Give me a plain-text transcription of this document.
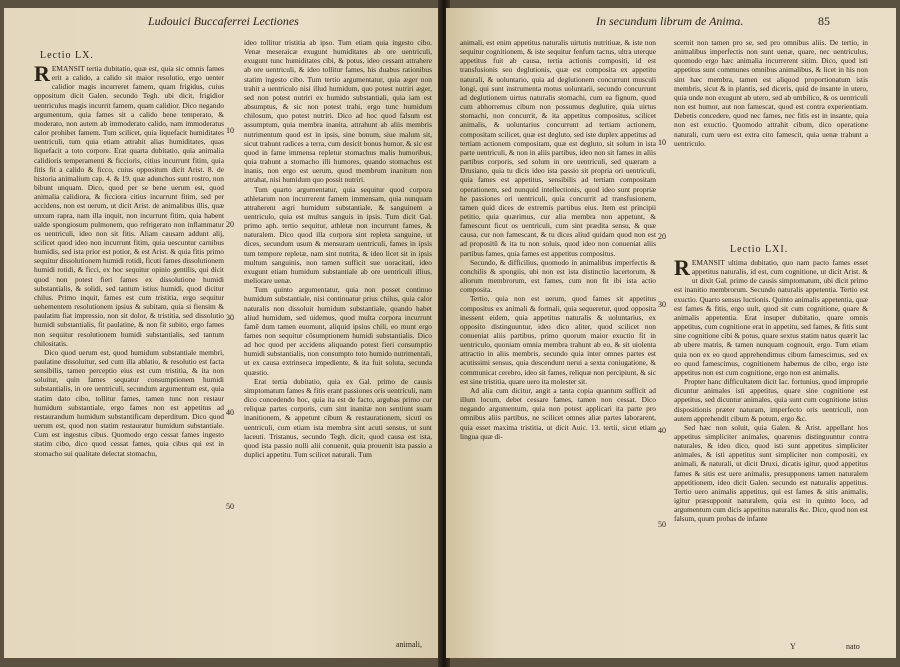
Ludouici Buccaferrei Lectiones
Lectio LX.
R EMANSIT tertia dubitatio, quæ est, quia sic omnis fames erit a calido, a calido sit maior resolutio, ergo uenter calidior magis incurreret famem, quam frigidus, cuius oppositum dicit Galen. secundo Tegh. ubi dicit, frigidior uentriculus magis incurrit famem, quam calidior. Dico negando argumentum, quia fames sit a calido bene temperato, & moderato, non autem ab immoderato calido, nam immoderatus calor prohibet famem. Tum scilicet, quia liquefacit humiditates uentriculi, tum quia etiam attrahit alias humiditates, quas liquefacit a toto corpore. Erat quarta dubitatio, quia animalia calidioris temperamenti & ficcioris, citius incurrunt fitim, quia fitis fit a calido & ficco, cuius oppositum dicit Arist. 8. de historia animalium cap. 4. & 19. quæ adunchos sunt rostro, non bibunt unquam. Dico, quod per se bene uerum est, quod animalia calidiora, & ficciora citius incurrunt fitim, sed per accidens, non est uerum, ut dicit Arist. de animalibus illis, quæ unxum rapra, nam illa inquit, non incurrunt fitim, quia habent ualde spongiosum pulmonem, quo refrigerato non inflammatur os uentriculi, ideo non sit fitis. Aliam causam addunt alij, scilicet quod ideo non incurrunt fitim, quia uescuntur carnibus humidis, sed ista prior est potior, & est Arist. & quia fitis primo sequitur dissolutionem humidi rotidi, ficuti fames dissolutionem humidi rotidi, & ficci, ex hoc sequitur opinio gentilis, qui dicit quod non potest fieri fames ex dissolutione humidi substantialis, & solidi, sed tantum istius humidi, quod dicitur chilus. Primo inquit, fames est cum tristitia, ergo sequitur uehementem resolutionem ipsius & subitam, quia si fiensim & paulatim fiat impressio, non sit dolor, & tristitia, sed dissolutio humidi substantialis, fit paulatine, & non fit subito, ergo fames non sequitur resolutionem humidi substantialis, sed tantum chilositatis.

Dico quod uerum est, quod humidum substantiale membri, paulatine dissoluitur, sed cum illa ablatio, & resolutio est facta sensibilis, tamen perceptio eius est cum tristitia, & ita non soluitur, quin fames sequatur consumptionem humidi substantialis, in ore uentriculi, secundum argumentum est, quia statim dato cibo, tollitur fames, tamen tunc non restaur humidum substantiale, ergo fames non est appetitus ad restaurandum humidum substantificam deperditum. Dico quod uerum est, quod non statim restauratur humidum substantiale. Cum est ingestus cibus. Quomodo ergo cessat fames ingesto statim cibo, dico quod cessat fames, quia cibus qui est in stomacho sui qualitate delectat stomachu,

10
20
30
40
50

ideo tollitur tristitia ab ipso. Tum etiam quia ingesto cibo. Venæ meseraicæ exugunt humiditates ab ore uentriculi, exugunt tunc humiditates cibi, & potus, ideo cessant attrahere ab ore uentriculi, & ideo tollitur fames, his duabus rationibus statim ingesto cibo. Tum tertio argumentatur, quia æger non trahit a uentriculo nisi illud humidum, quo potest nutriri æger, sed non potest nutriri ex humido substantiali, quia iam est absumptus, & sic non potest trahi, ergo tunc humidum chilosum, quo potest nutriri. Dico ad hoc quod falsum est assumptum, quia membra inanita, attrahunt ab aliis membris nutrimentum quod est in ipsis, sine bonum, siue malum sit, sicut trahunt radices a terra, cum desicit bonus humor, & sic est quod in fame immensa repletur stomachus malis humoribus, quia trahunt a stomacho illi humores, quando stomachus est inanis, non ergo est uerum, quod membrum inanitum non attrahat, nisi humidum quo possit nutriri.

Tum quarto argumentatur, quia sequitur quod corpora athletarum non incurrerent famem immensam, quia nunquam attraherent ægri humidum substantiale, & sanguinem a uentriculo, quia est multus sanguis in ipsis. Tum dicit Gal. primo aph. tertio sequitur, athletæ non incurrunt fames, & naturalem. Dico quod illa corpora sint repleta sanguine, ut dices, secundum usum & mensuram uentriculi, fames in ipsis tum tempore repletæ, nam sint nutrita, & ideo licet sit in ipsis multum sanguinis, non tamen sufficit sue uoracitati, ideo exugunt etiam humidum substantiale ab ore uentriculi illius, meliorare uenæ.

Tum quinto argumentatur, quia non posset continuo humidum substantiale, nisi continuatur prius chilus, quia calor naturalis non dissoluit humidum substantiale, quando habet aliud humidum, sed uidemus, quod multa corpora incurrunt famē dum tamen euomunt, aliquid ipsius chili, eo munt ergo fames non sequitur cōsumptionem humidi substantialis. Dico ad hoc quod per accidens aliquando potest fieri consumptio humidi substantialis, non consumpto toto humido nutrimentali, ut ex causa extrinseca impediente, & ita fuit soluta, secunda quæstio.

Erat tertia dubitatio, quia ex Gal. primo de causis simptomatum fames & fitis erant passiones oris uentriculi, nam dico concedendo hoc, quia ita est de facto, argubas primo cur reliquæ partes corporis, cum sint inanitæ non sentiunt suam inanitionem, & appetunt cibum & restaurationem, sicuti os uentriculi, cum etiam ista membra sint acuti sensus, ut sunt laceuti. Tristanus, secundo Tegh. dicit, quod causa est ista, quod ista passio nulli alii conuenit, quia prouenit ista passio a duplici appetitu. Tum scilicet naturali. Tum

animali,
In secundum librum de Anima.	85

animali, est enim appetitus naturalis uirtutis nutritiuæ, & iste non sequitur cognitionem, & iste sequitur fenfum tactus, ultra uterque appetitus fuit ab causa, tertia actionis compositi, id est transfusionis seu deglutionis, quæ est composita ex appetitu naturali, & uoluntario, quia ad deglutionem concurrunt musculi longi, qui sunt instrumenta motus uoluntarii, secundo concurrunt ad deglutionem uirtus naturalis stomachi, cum ea fignum, quod cum abhorremus cibum non possumus deglutire, quia uirtus stomachi, non concurrit, & ita appetitus compositus, scilicet animalis, & uoluntarius concurrunt ad tertiam actionem, compositam scilicet, quæ est degluto, sed iste duplex appetitus ad tertiam actionem compositam, quæ est degluto, sit solum in ista parte uentriculi, & non in aliis partibus, ideo non sit fames in aliis partibus corporis, sed solum in ore uentriculi, sed quæram a Drusiano, quia tu dicis ideo ista passio sit propria ori uentriculi, quia fames est appetitus, sensibilis ad tertiam compositam operationem, sed nunquid intellectionis, quod ideo sunt propriæ he passiones ori uentriculi, quia concurrit ad transfusionem, tamen quid dices de extremis partibus eius. Item est principii petitio, quia quærimus, cur alia membra non appetunt, & famescunt ficut os uentriculi, cum sint prædita sensu, & quæ causa, cur non famescant, & tu dices aliud quidam quod non est ad propositū & ita tu non soluis, quod ideo non conueniat aliis partibus fames, quia fames est appetitus compositus.

Secundo, & difficilius, quomodo in animalibus imperfectis & conchilis & spongiis, ubi non est ista distinctio lacertorum, & aliorum membrorum, est fames, cum non fit ibi ista actio composita.

Tertio, quia non est uerum, quod fames sit appetitus compositus ex animali & formali, quia sequeretur, quod opposita inessent eidem, quia appetitus naturalis & uoluntarius, ex opposito distinguuntur, ideo dico aliter, quod scilicet non conueniat aliis partibus, primo quorum maior exuctio fit in uentriculo, quoniam omnia membra trahunt ab eo, & sit uiolenta attractio in aliis membris, secundo quia inter omnes partes est acutissimi sensus, quia descendunt nerui a sexta coniugatione, & communicat cerebro, ideo sit fames, reliquæ non percipiunt, & sic est sine tristitia, quare uero ita molester sit.

Ad alia cum dicitur, angit a tanta copia quantum sufficit ad illum locum, debet cessare fames, tamen non cessat. Dico negando argumentum, quia non potest applicari ita parte pro omnibus aliis partibus, ne scilicet omnes aliæ partes laborarent, quia esset maxima tristitia, ut dicit Auic. 13. tertii, sicut etiam lingua quæ di-

10
20
30
40
50

scernit non tamen pro se, sed pro omnibus aliis. De tertio, in animalibus imperfectis non sunt uenæ, quare, nec uentriculus, quomodo ergo hæc animalia incurrerent sitim. Dico, quod isti appetitus sunt communes omnibus animalibus, & licet in his non sint hæc membra, tamen est aliquod proportionatum istis membris, sicut & in plantis, sed diceris, quid de insante in utero, quia unde non exugunt ab utero, sed ab umbilico, & os uentriculi non est humor, aut non famescat, quod est contra experientiam. Debetis concedere, quod nec fames, nec fitis est in insante, quia non est exuctio. Quomodo attrahit cibum, dico operatione naturali, cum uero est extra cito famescit, quia uenæ trahunt a uentriculo.

Lectio LXI.
R EMANSIT ultima dubitatio, quo nam pacto fames esset appetitus naturalis, id est, cum cognitione, ut dicit Arist. & ut dixit Gal. primo de causis simptomatum, ubi dicit primo est inanitio membrorum. Secundo naturalis appetentia. Tertio est exuctio. Quarto sensus luctionis. Quinto animalis appetentia, quæ est fames & fitis, ergo uult, quod sit cum cognitione, quare & animalis appetentia. Erat insuper dubitatio, quare omnis appetitus, cum cognitione erat in appetitu, sed fames, & fitis sunt sine cognitione cibi & potus, quare sextus statim natus quærit lac ab ubere matris, & tamen nunquam cognouit, ergo. Tum etiam quia non ex eo quod apprehendimus cibum famescimus, sed ex eo quod famescimus, cognitionem habemus de cibo, ergo iste appetitus non est cum cognitione, ergo non est animalis.

Propter hanc difficultatem dicit Iac. fortunius, quod improprie dicuntur animales isti appetitus, quare sine cognitione est appetitus, sed dicuntur animales, quia sunt cum cognitione istius dispositionis præter naturam, imperfecto oris uentriculi, non autem apprehendit cibum & potum, ergo &c.

Sed hæc non soluit, quia Galen. & Arist. appellant hos appetitus simpliciter animales, quarenus distinguuntur contra naturales, & ideo dico, quod isti sunt appetitus simpliciter animales, & isti appetitus sunt simpliciter non compositi, ex animali, & naturali, ut dicit Druxi, dicatis igitur, quod appetitus fames & sitis est uere animalis, presupponens tamen naturalem appetitionem, ideo dicit Galen. secundo est naturalis appetitus. Tertio uero animalis appetitus, qui est fames & sitis animalis, igitur præsupponit naturalem, quia est in quinto loco, ad argumentum cum dicis appetitus naturalis &c. Dico, quod non est falsum, quum probas de infante

Y	nato
